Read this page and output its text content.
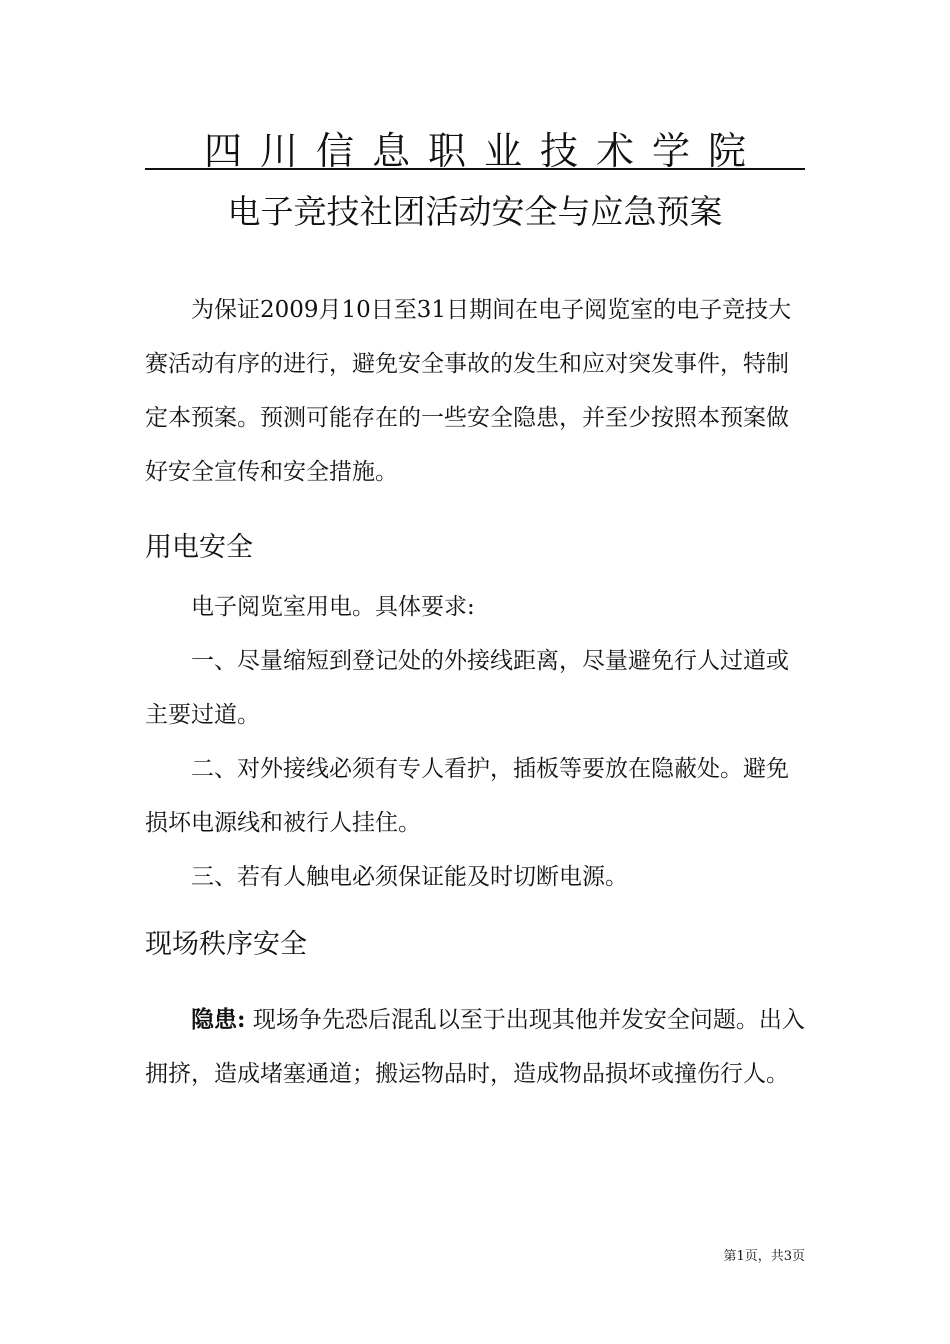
四川信息职业技术学院
电子竞技社团活动安全与应急预案

为保证2009月10日至31日期间在电子阅览室的电子竞技大赛活动有序的进行，避免安全事故的发生和应对突发事件，特制定本预案。预测可能存在的一些安全隐患，并至少按照本预案做好安全宣传和安全措施。

用电安全

电子阅览室用电。具体要求:

一、尽量缩短到登记处的外接线距离，尽量避免行人过道或主要过道。

二、对外接线必须有专人看护，插板等要放在隐蔽处。避免损坏电源线和被行人挂住。

三、若有人触电必须保证能及时切断电源。

现场秩序安全

隐患: 现场争先恐后混乱以至于出现其他并发安全问题。出入拥挤，造成堵塞通道；搬运物品时，造成物品损坏或撞伤行人。

第1页，共3页
